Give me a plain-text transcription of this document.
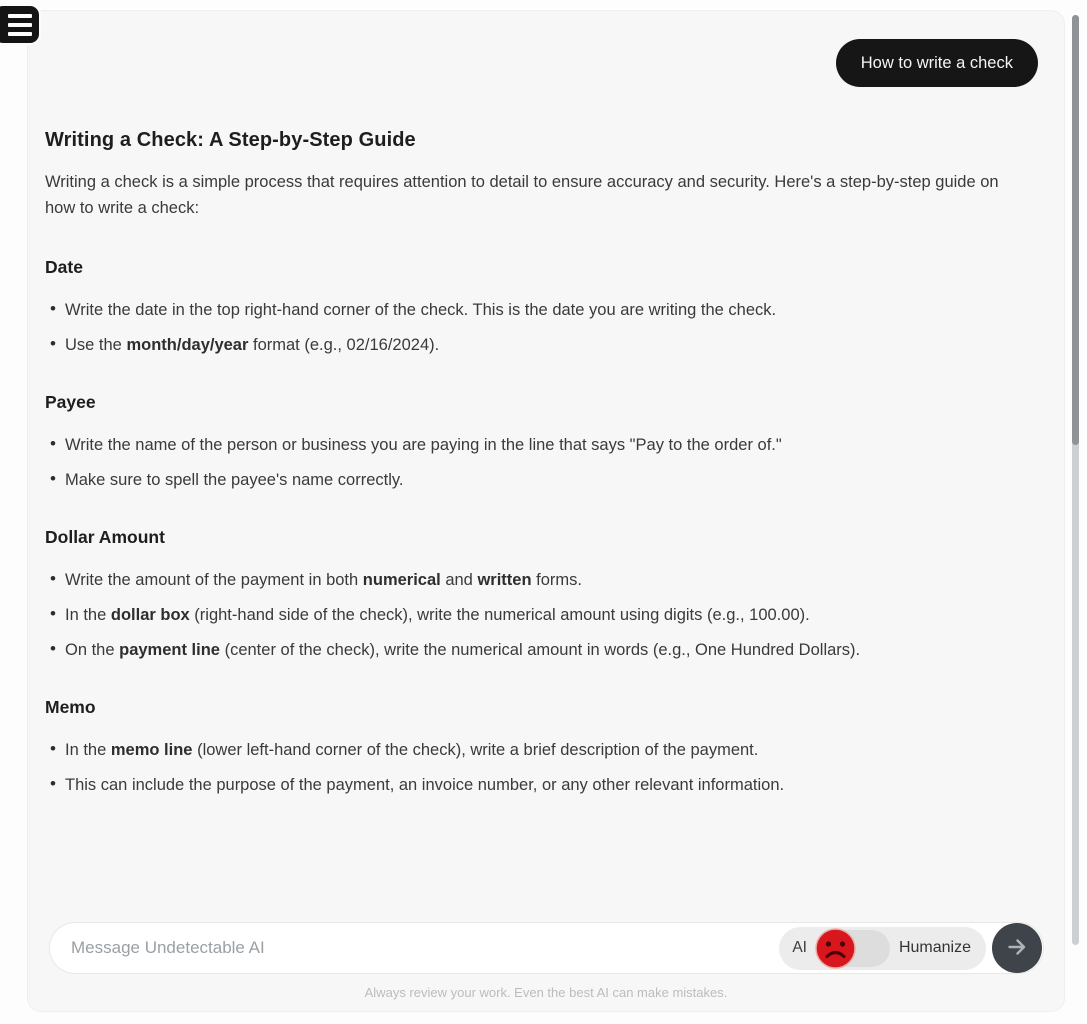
How to write a check
Writing a Check: A Step-by-Step Guide

Writing a check is a simple process that requires attention to detail to ensure accuracy and security. Here's a step-by-step guide on how to write a check:

Date
• Write the date in the top right-hand corner of the check. This is the date you are writing the check.
• Use the month/day/year format (e.g., 02/16/2024).
Payee
• Write the name of the person or business you are paying in the line that says "Pay to the order of."
• Make sure to spell the payee's name correctly.
Dollar Amount
• Write the amount of the payment in both numerical and written forms.
• In the dollar box (right-hand side of the check), write the numerical amount using digits (e.g., 100.00).
• On the payment line (center of the check), write the numerical amount in words (e.g., One Hundred Dollars).
Memo
• In the memo line (lower left-hand corner of the check), write a brief description of the payment.
• This can include the purpose of the payment, an invoice number, or any other relevant information.
Message Undetectable AI
AI	Humanize
Always review your work. Even the best AI can make mistakes.
